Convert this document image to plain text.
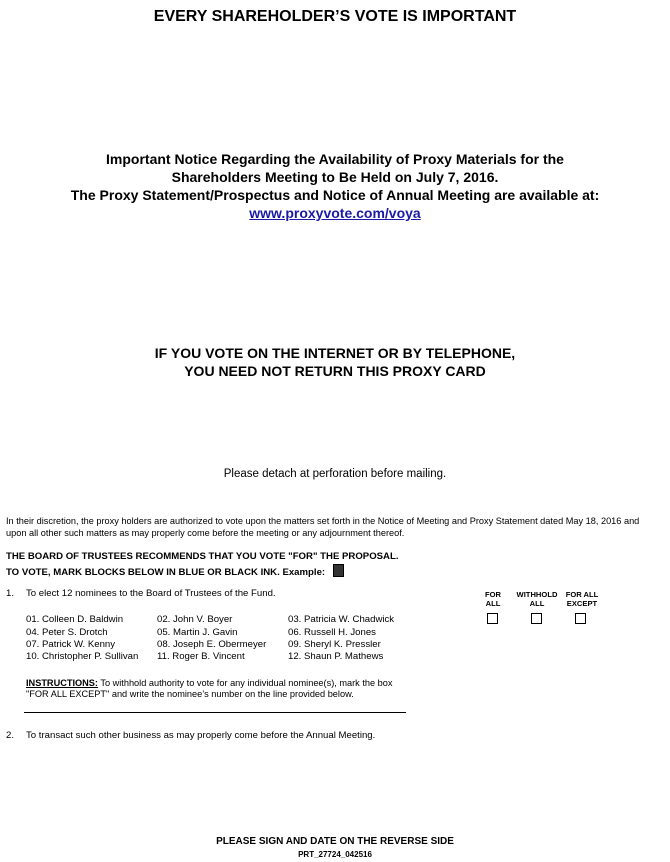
EVERY SHAREHOLDER’S VOTE IS IMPORTANT
Important Notice Regarding the Availability of Proxy Materials for the
Shareholders Meeting to Be Held on July 7, 2016.
The Proxy Statement/Prospectus and Notice of Annual Meeting are available at:
www.proxyvote.com/voya
IF YOU VOTE ON THE INTERNET OR BY TELEPHONE,
YOU NEED NOT RETURN THIS PROXY CARD
Please detach at perforation before mailing.
In their discretion, the proxy holders are authorized to vote upon the matters set forth in the Notice of Meeting and Proxy Statement dated May 18, 2016 and upon all other such matters as may properly come before the meeting or any adjournment thereof.
THE BOARD OF TRUSTEES RECOMMENDS THAT YOU VOTE "FOR" THE PROPOSAL.
TO VOTE, MARK BLOCKS BELOW IN BLUE OR BLACK INK. Example:
1. To elect 12 nominees to the Board of Trustees of the Fund.	FOR
ALL
WITHHOLD
ALL
FOR ALL
EXCEPT
01. Colleen D. Baldwin	02. John V. Boyer	03. Patricia W. Chadwick
04. Peter S. Drotch	05. Martin J. Gavin	06. Russell H. Jones
07. Patrick W. Kenny	08. Joseph E. Obermeyer 09. Sheryl K. Pressler
10. Christopher P. Sullivan 11. Roger B. Vincent	12. Shaun P. Mathews
INSTRUCTIONS: To withhold authority to vote for any individual nominee(s), mark the box "FOR ALL EXCEPT" and write the nominee’s number on the line provided below.
2. To transact such other business as may properly come before the Annual Meeting.
PLEASE SIGN AND DATE ON THE REVERSE SIDE
PRT_27724_042516
